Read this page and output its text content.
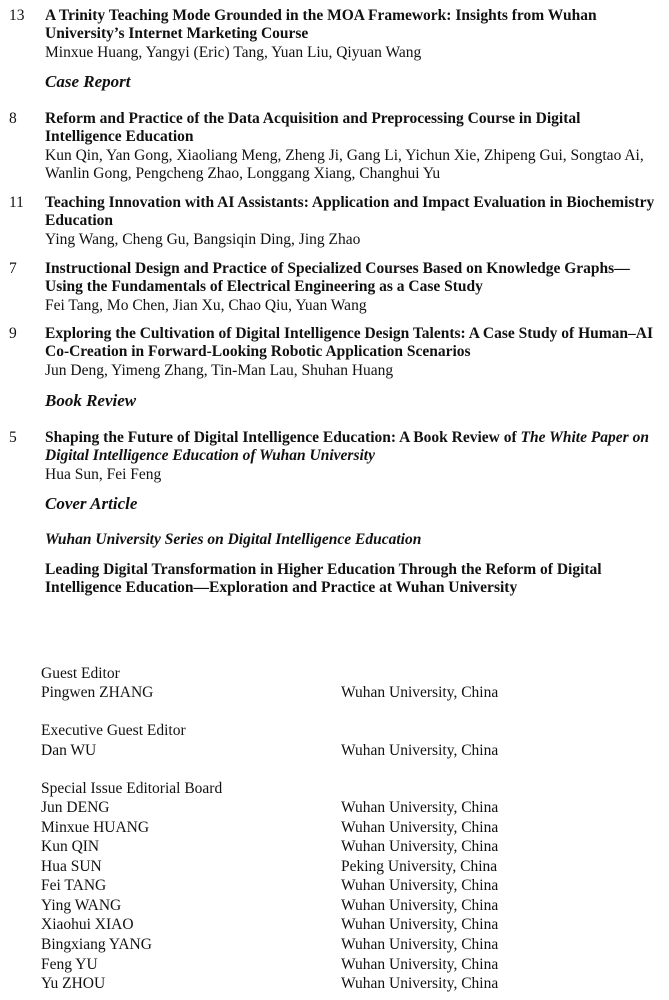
13 A Trinity Teaching Mode Grounded in the MOA Framework: Insights from Wuhan University’s Internet Marketing Course
Minxue Huang, Yangyi (Eric) Tang, Yuan Liu, Qiyuan Wang
Case Report
8 Reform and Practice of the Data Acquisition and Preprocessing Course in Digital Intelligence Education
Kun Qin, Yan Gong, Xiaoliang Meng, Zheng Ji, Gang Li, Yichun Xie, Zhipeng Gui, Songtao Ai, Wanlin Gong, Pengcheng Zhao, Longgang Xiang, Changhui Yu
11 Teaching Innovation with AI Assistants: Application and Impact Evaluation in Biochemistry Education
Ying Wang, Cheng Gu, Bangsiqin Ding, Jing Zhao
7 Instructional Design and Practice of Specialized Courses Based on Knowledge Graphs—Using the Fundamentals of Electrical Engineering as a Case Study
Fei Tang, Mo Chen, Jian Xu, Chao Qiu, Yuan Wang
9 Exploring the Cultivation of Digital Intelligence Design Talents: A Case Study of Human–AI Co-Creation in Forward-Looking Robotic Application Scenarios
Jun Deng, Yimeng Zhang, Tin-Man Lau, Shuhan Huang
Book Review
5 Shaping the Future of Digital Intelligence Education: A Book Review of The White Paper on Digital Intelligence Education of Wuhan University
Hua Sun, Fei Feng
Cover Article
Wuhan University Series on Digital Intelligence Education
Leading Digital Transformation in Higher Education Through the Reform of Digital Intelligence Education—Exploration and Practice at Wuhan University
Guest Editor
Pingwen ZHANG	Wuhan University, China
Executive Guest Editor
Dan WU	Wuhan University, China
Special Issue Editorial Board
Jun DENG	Wuhan University, China
Minxue HUANG	Wuhan University, China
Kun QIN	Wuhan University, China
Hua SUN	Peking University, China
Fei TANG	Wuhan University, China
Ying WANG	Wuhan University, China
Xiaohui XIAO	Wuhan University, China
Bingxiang YANG	Wuhan University, China
Feng YU	Wuhan University, China
Yu ZHOU	Wuhan University, China
